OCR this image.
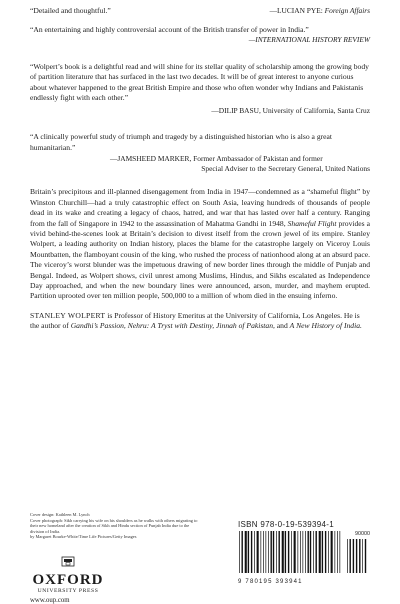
“Detailed and thoughtful.”	—LUCIAN PYE: Foreign Affairs
“An entertaining and highly controversial account of the British transfer of power in India.”
—INTERNATIONAL HISTORY REVIEW
“Wolpert’s book is a delightful read and will shine for its stellar quality of scholarship among the growing body of partition literature that has surfaced in the last two decades. It will be of great interest to anyone curious about whatever happened to the great British Empire and those who often wonder why Indians and Pakistanis endlessly fight with each other.”
—DILIP BASU, University of California, Santa Cruz
“A clinically powerful study of triumph and tragedy by a distinguished historian who is also a great humanitarian.”
—JAMSHEED MARKER, Former Ambassador of Pakistan and former
Special Adviser to the Secretary General, United Nations
Britain’s precipitous and ill-planned disengagement from India in 1947—condemned as a “shameful flight” by Winston Churchill—had a truly catastrophic effect on South Asia, leaving hundreds of thousands of people dead in its wake and creating a legacy of chaos, hatred, and war that has lasted over half a century. Ranging from the fall of Singapore in 1942 to the assassination of Mahatma Gandhi in 1948, Shameful Flight provides a vivid behind-the-scenes look at Britain’s decision to divest itself from the crown jewel of its empire. Stanley Wolpert, a leading authority on Indian history, places the blame for the catastrophe largely on Viceroy Louis Mountbatten, the flamboyant cousin of the king, who rushed the process of nationhood along at an absurd pace. The viceroy’s worst blunder was the impetuous drawing of new border lines through the middle of Punjab and Bengal. Indeed, as Wolpert shows, civil unrest among Muslims, Hindus, and Sikhs escalated as Independence Day approached, and when the new boundary lines were announced, arson, murder, and mayhem erupted. Partition uprooted over ten million people, 500,000 to a million of whom died in the ensuing inferno.
STANLEY WOLPERT is Professor of History Emeritus at the University of California, Los Angeles. He is the author of Gandhi’s Passion, Nehru: A Tryst with Destiny, Jinnah of Pakistan, and A New History of India.
Cover design: Kathleen M. Lynch
Cover photograph: Sikh carrying his wife on his shoulders as he walks with others migrating to their new homeland after the creation of Sikh and Hindu section of Punjab India due to the division of India.
by Margaret Bourke-White/Time Life Pictures/Getty Images
OXFORD
UNIVERSITY PRESS
www.oup.com
ISBN 978-0-19-539394-1
90000
9 780195 393941
